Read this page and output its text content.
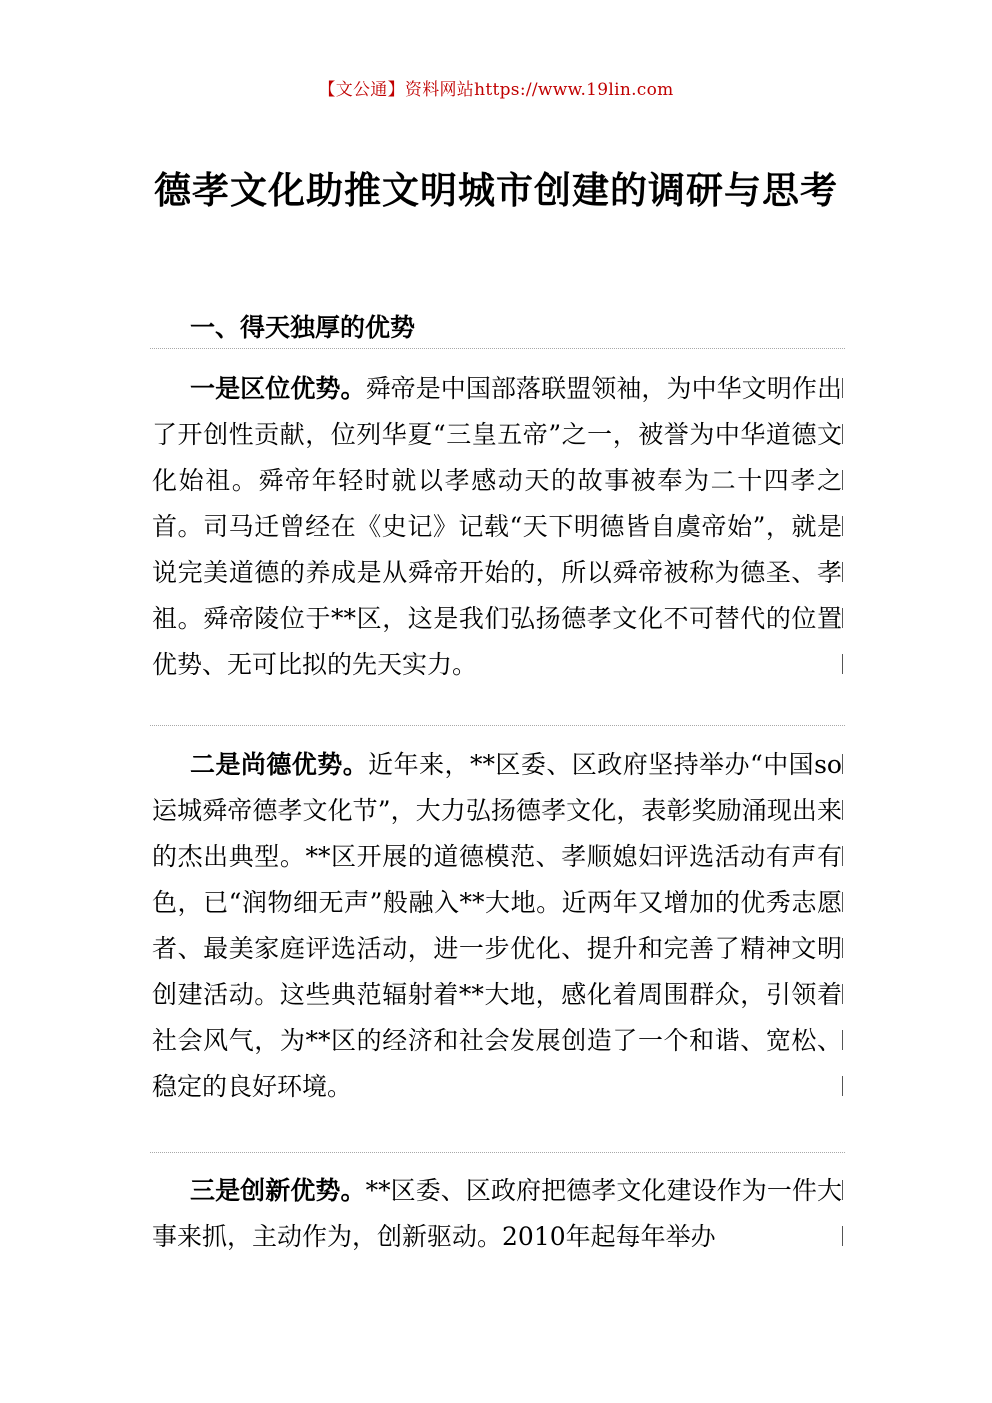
【文公通】资料网站https://www.19lin.com
德孝文化助推文明城市创建的调研与思考
一、得天独厚的优势

一是区位优势。舜帝是中国部落联盟领袖，为中华文明作出了开创性贡献，位列华夏“三皇五帝”之一，被誉为中华道德文化始祖。舜帝年轻时就以孝感动天的故事被奉为二十四孝之首。司马迁曾经在《史记》记载“天下明德皆自虞帝始”，就是说完美道德的养成是从舜帝开始的，所以舜帝被称为德圣、孝祖。舜帝陵位于**区，这是我们弘扬德孝文化不可替代的位置优势、无可比拟的先天实力。

二是尚德优势。近年来，**区委、区政府坚持举办“中国so运城舜帝德孝文化节”，大力弘扬德孝文化，表彰奖励涌现出来的杰出典型。**区开展的道德模范、孝顺媳妇评选活动有声有色，已“润物细无声”般融入**大地。近两年又增加的优秀志愿者、最美家庭评选活动，进一步优化、提升和完善了精神文明创建活动。这些典范辐射着**大地，感化着周围群众，引领着社会风气，为**区的经济和社会发展创造了一个和谐、宽松、稳定的良好环境。

三是创新优势。**区委、区政府把德孝文化建设作为一件大事来抓，主动作为，创新驱动。2010年起每年举办
